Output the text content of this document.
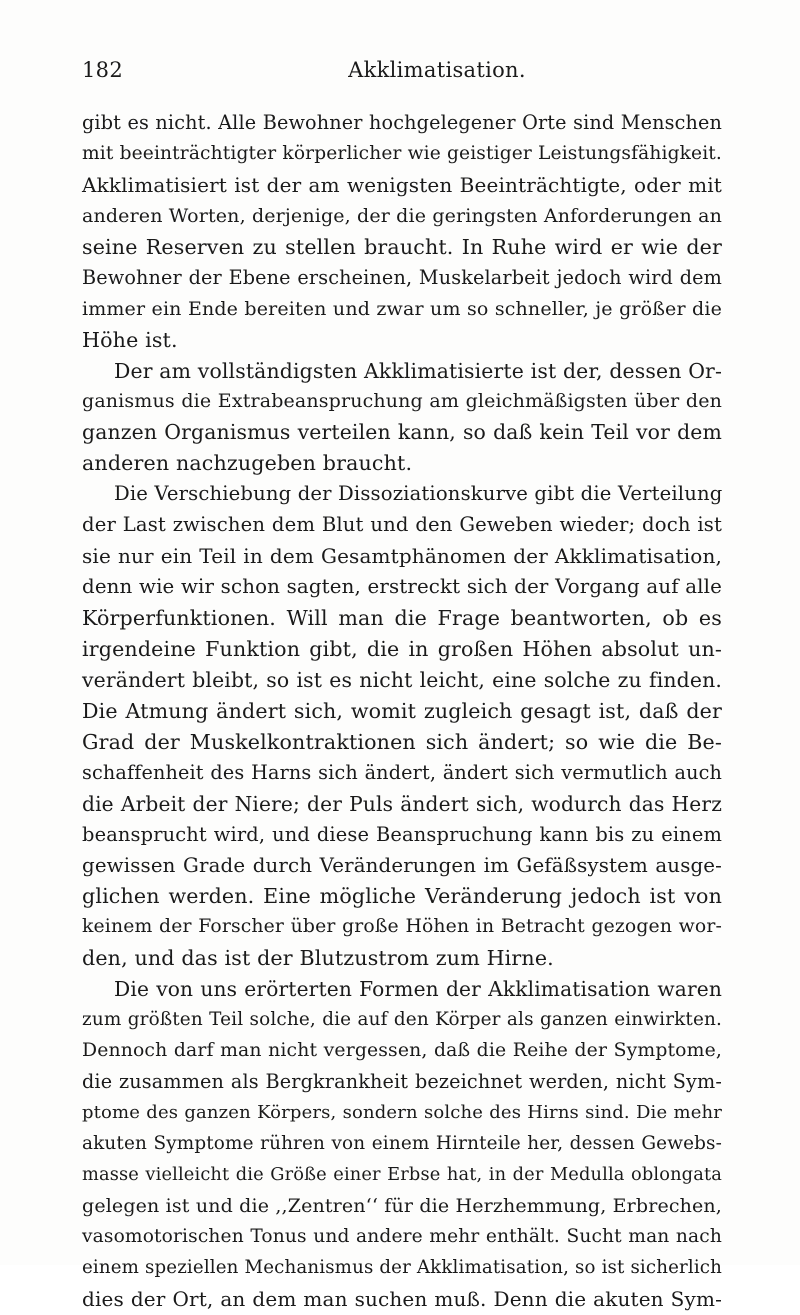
182	Akklimatisation.
gibt es nicht. Alle Bewohner hochgelegener Orte sind Menschen
mit beeinträchtigter körperlicher wie geistiger Leistungsfähigkeit.
Akklimatisiert ist der am wenigsten Beeinträchtigte, oder mit
anderen Worten, derjenige, der die geringsten Anforderungen an
seine Reserven zu stellen braucht. In Ruhe wird er wie der
Bewohner der Ebene erscheinen, Muskelarbeit jedoch wird dem
immer ein Ende bereiten und zwar um so schneller, je größer die
Höhe ist.
Der am vollständigsten Akklimatisierte ist der, dessen Or-
ganismus die Extrabeanspruchung am gleichmäßigsten über den
ganzen Organismus verteilen kann, so daß kein Teil vor dem
anderen nachzugeben braucht.
Die Verschiebung der Dissoziationskurve gibt die Verteilung
der Last zwischen dem Blut und den Geweben wieder; doch ist
sie nur ein Teil in dem Gesamtphänomen der Akklimatisation,
denn wie wir schon sagten, erstreckt sich der Vorgang auf alle
Körperfunktionen. Will man die Frage beantworten, ob es
irgendeine Funktion gibt, die in großen Höhen absolut un-
verändert bleibt, so ist es nicht leicht, eine solche zu finden.
Die Atmung ändert sich, womit zugleich gesagt ist, daß der
Grad der Muskelkontraktionen sich ändert; so wie die Be-
schaffenheit des Harns sich ändert, ändert sich vermutlich auch
die Arbeit der Niere; der Puls ändert sich, wodurch das Herz
beansprucht wird, und diese Beanspruchung kann bis zu einem
gewissen Grade durch Veränderungen im Gefäßsystem ausge-
glichen werden. Eine mögliche Veränderung jedoch ist von
keinem der Forscher über große Höhen in Betracht gezogen wor-
den, und das ist der Blutzustrom zum Hirne.
Die von uns erörterten Formen der Akklimatisation waren
zum größten Teil solche, die auf den Körper als ganzen einwirkten.
Dennoch darf man nicht vergessen, daß die Reihe der Symptome,
die zusammen als Bergkrankheit bezeichnet werden, nicht Sym-
ptome des ganzen Körpers, sondern solche des Hirns sind. Die mehr
akuten Symptome rühren von einem Hirnteile her, dessen Gewebs-
masse vielleicht die Größe einer Erbse hat, in der Medulla oblongata
gelegen ist und die ,,Zentren‘‘ für die Herzhemmung, Erbrechen,
vasomotorischen Tonus und andere mehr enthält. Sucht man nach
einem speziellen Mechanismus der Akklimatisation, so ist sicherlich
dies der Ort, an dem man suchen muß. Denn die akuten Sym-
